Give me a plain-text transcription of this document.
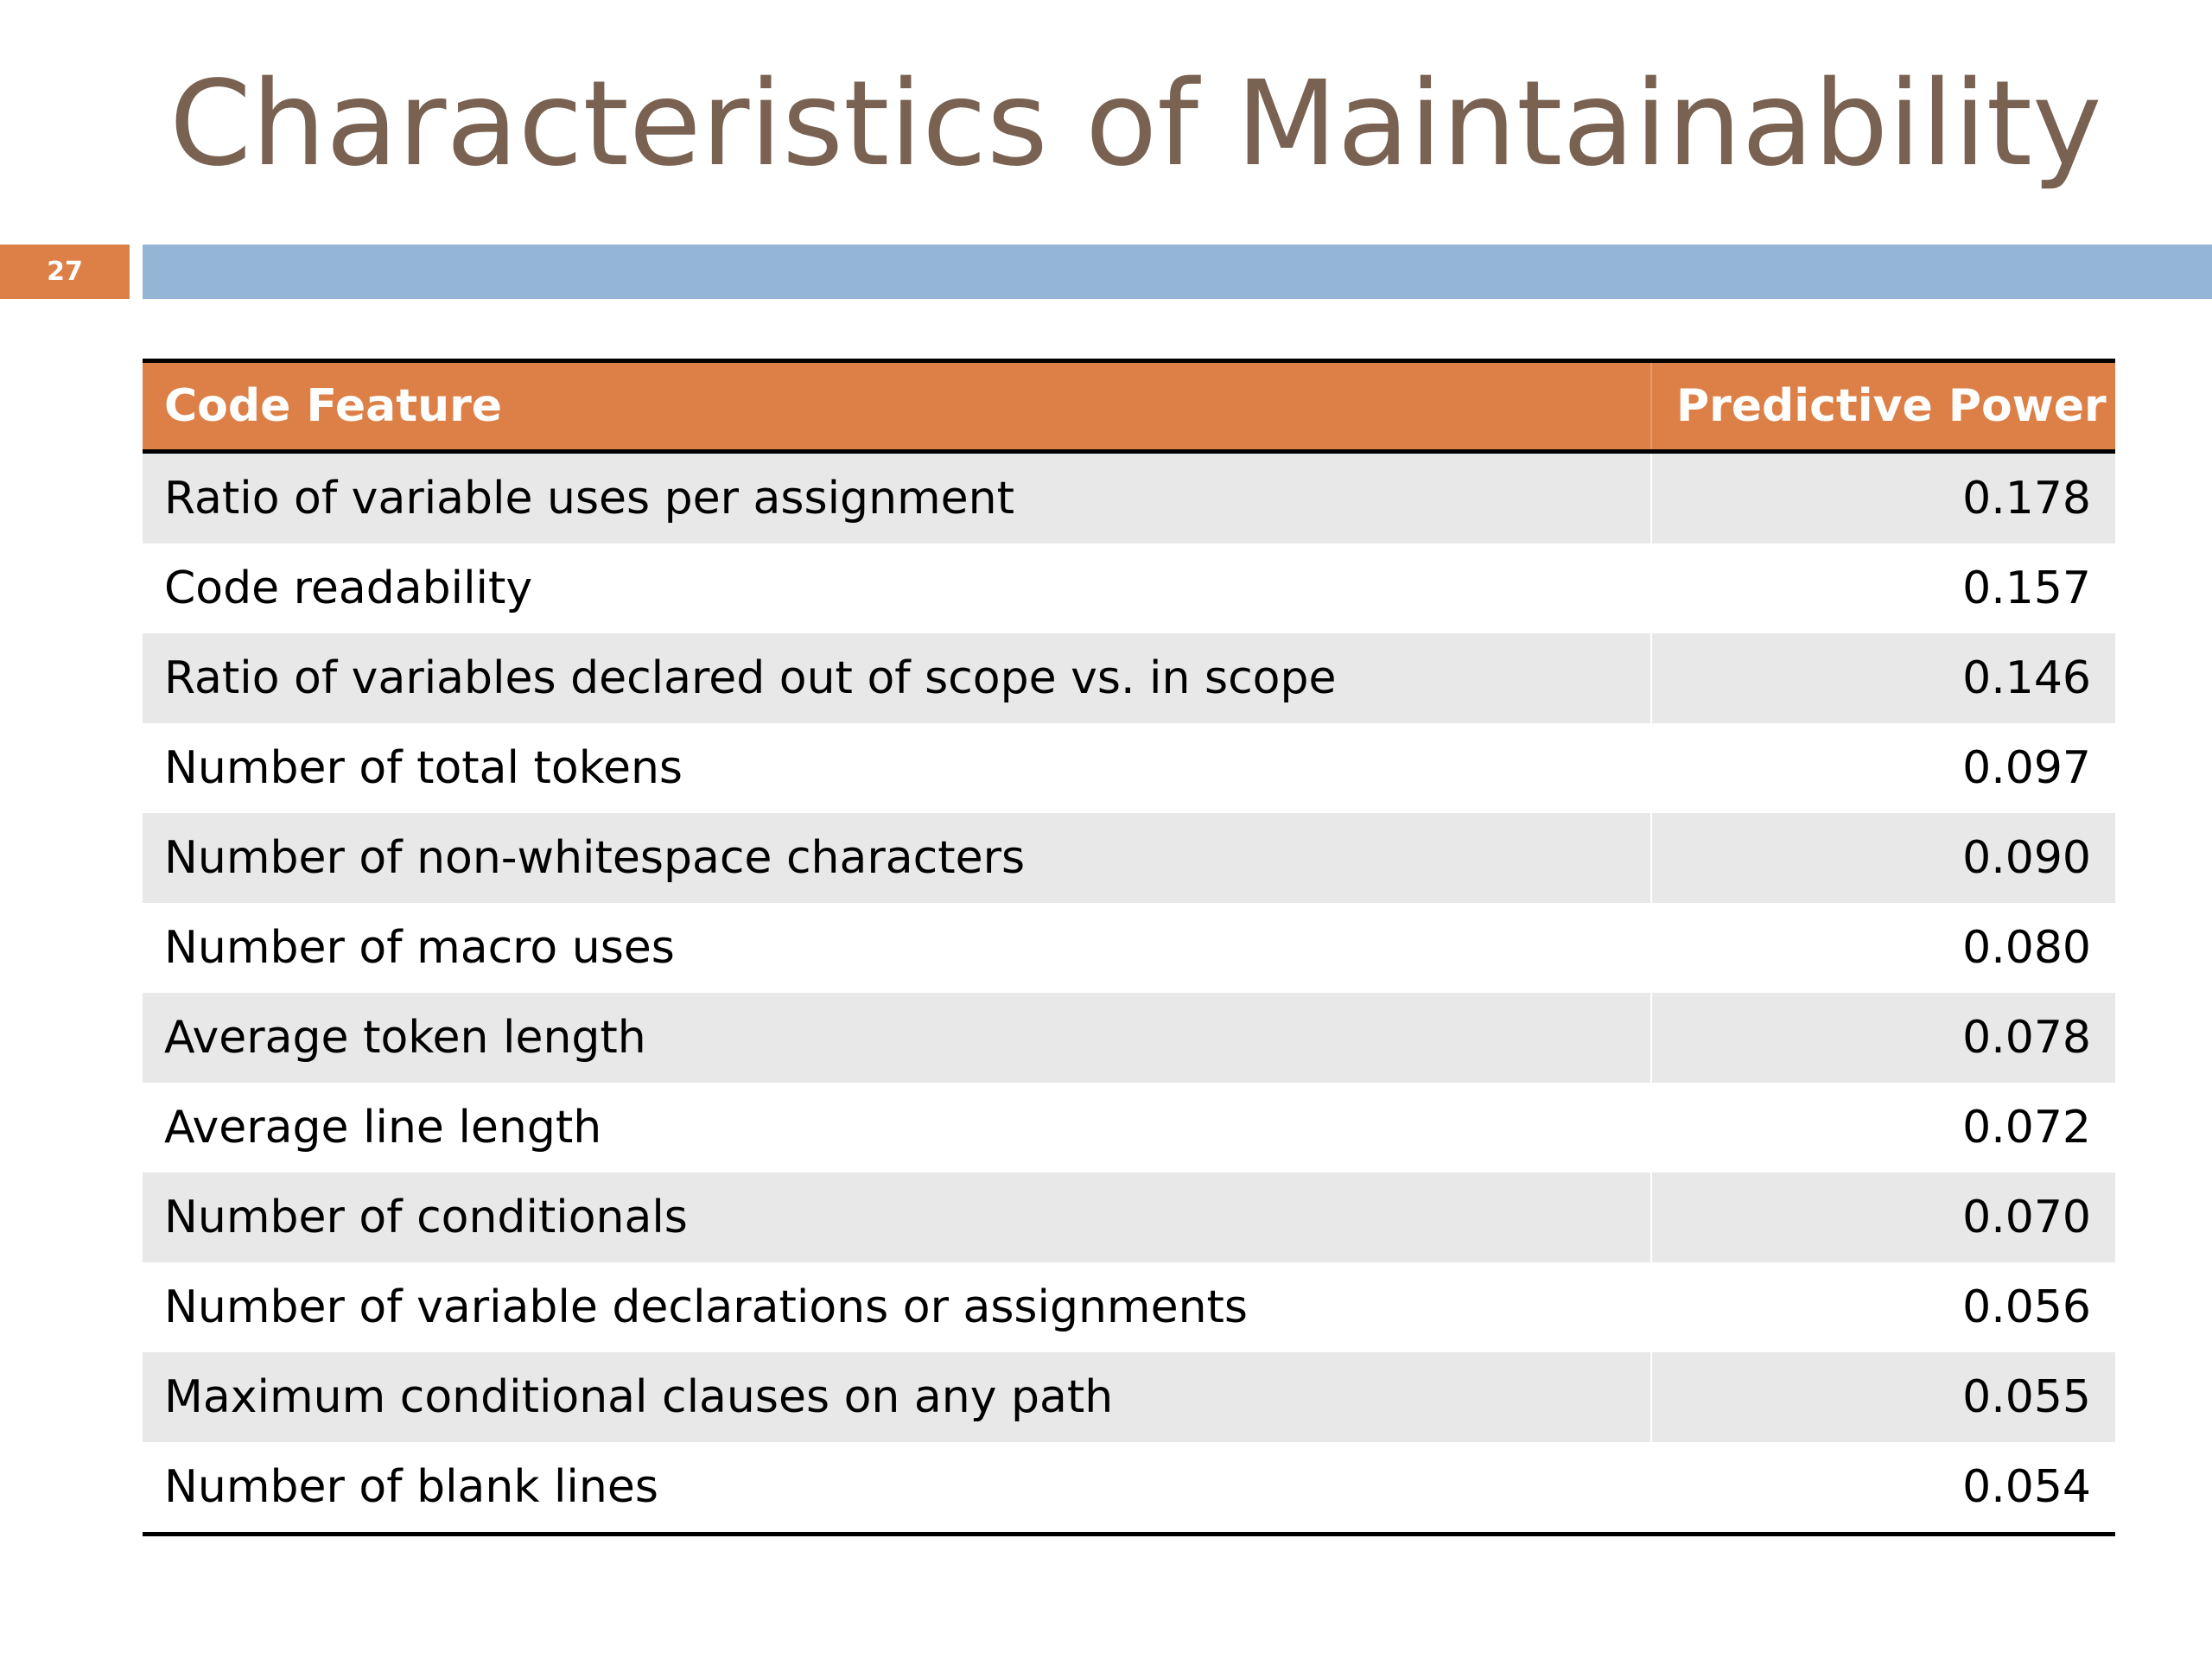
Characteristics of Maintainability
27
Code Feature	Predictive Power
Ratio of variable uses per assignment	0.178
Code readability	0.157
Ratio of variables declared out of scope vs. in scope	0.146
Number of total tokens	0.097
Number of non-whitespace characters	0.090
Number of macro uses	0.080
Average token length	0.078
Average line length	0.072
Number of conditionals	0.070
Number of variable declarations or assignments	0.056
Maximum conditional clauses on any path	0.055
Number of blank lines	0.054
